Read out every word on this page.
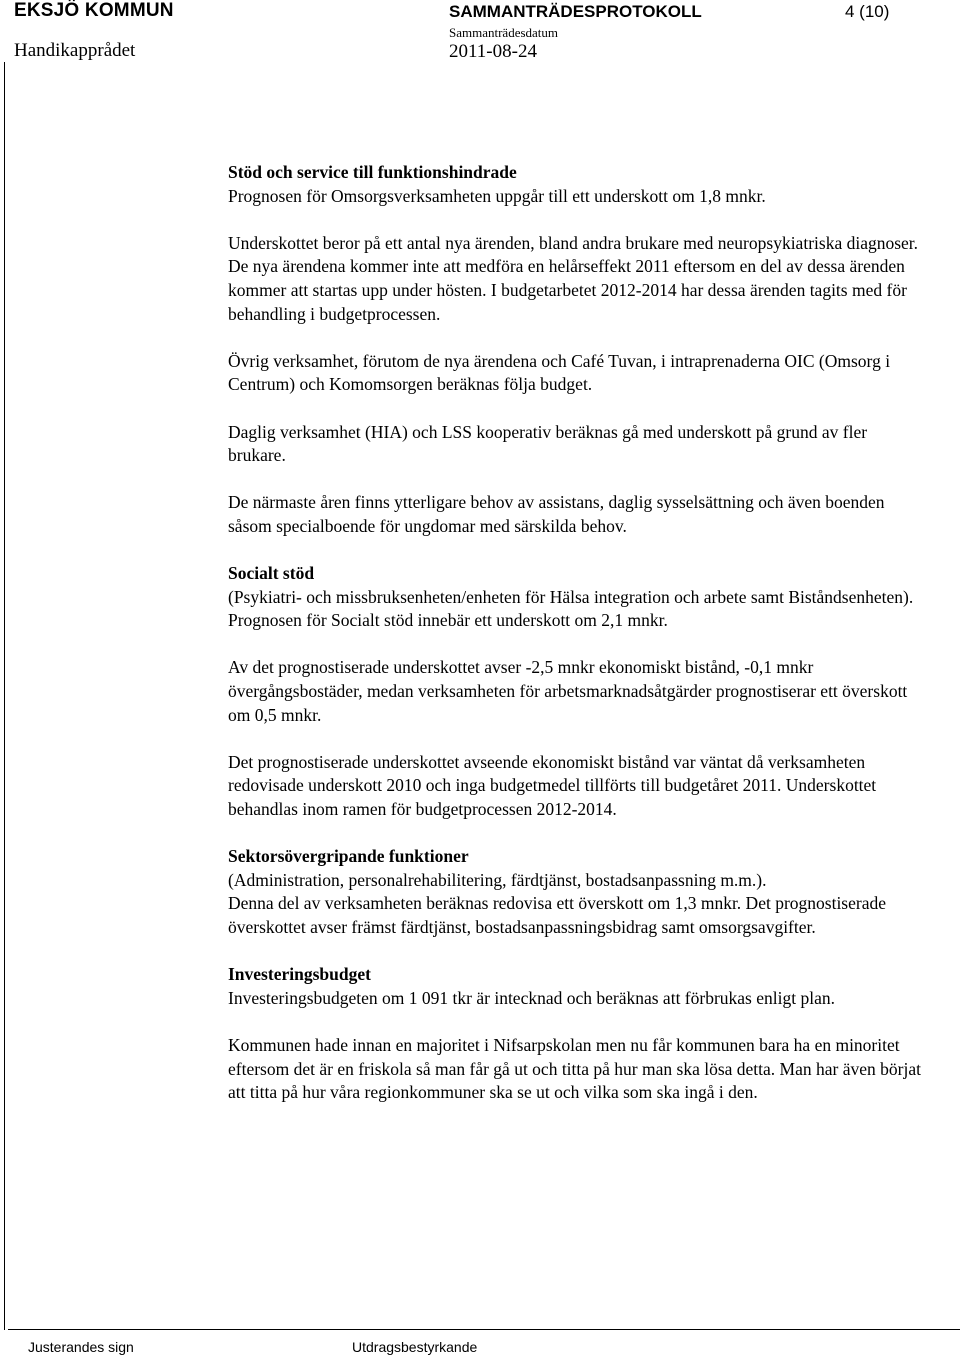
EKSJÖ KOMMUN	SAMMANTRÄDESPROTOKOLL	4 (10)
Handikapprådet
Sammanträdesdatum
2011-08-24
Stöd och service till funktionshindrade

Prognosen för Omsorgsverksamheten uppgår till ett underskott om 1,8 mnkr.

Underskottet beror på ett antal nya ärenden, bland andra brukare med neuropsykiatriska diagnoser. De nya ärendena kommer inte att medföra en helårseffekt 2011 eftersom en del av dessa ärenden kommer att startas upp under hösten. I budgetarbetet 2012-2014 har dessa ärenden tagits med för behandling i budgetprocessen.

Övrig verksamhet, förutom de nya ärendena och Café Tuvan, i intraprenaderna OIC (Omsorg i Centrum) och Komomsorgen beräknas följa budget.

Daglig verksamhet (HIA) och LSS kooperativ beräknas gå med underskott på grund av fler brukare.

De närmaste åren finns ytterligare behov av assistans, daglig sysselsättning och även boenden såsom specialboende för ungdomar med särskilda behov.

Socialt stöd

(Psykiatri- och missbruksenheten/enheten för Hälsa integration och arbete samt Biståndsenheten). Prognosen för Socialt stöd innebär ett underskott om 2,1 mnkr.

Av det prognostiserade underskottet avser -2,5 mnkr ekonomiskt bistånd, -0,1 mnkr övergångsbostäder, medan verksamheten för arbetsmarknadsåtgärder prognostiserar ett överskott om 0,5 mnkr.

Det prognostiserade underskottet avseende ekonomiskt bistånd var väntat då verksamheten redovisade underskott 2010 och inga budgetmedel tillförts till budgetåret 2011. Underskottet behandlas inom ramen för budgetprocessen 2012-2014.

Sektorsövergripande funktioner

(Administration, personalrehabilitering, färdtjänst, bostadsanpassning m.m.).

Denna del av verksamheten beräknas redovisa ett överskott om 1,3 mnkr. Det prognostiserade överskottet avser främst färdtjänst, bostadsanpassningsbidrag samt omsorgsavgifter.

Investeringsbudget

Investeringsbudgeten om 1 091 tkr är intecknad och beräknas att förbrukas enligt plan.

Kommunen hade innan en majoritet i Nifsarpskolan men nu får kommunen bara ha en minoritet eftersom det är en friskola så man får gå ut och titta på hur man ska lösa detta. Man har även börjat att titta på hur våra regionkommuner ska se ut och vilka som ska ingå i den.

Justerandes sign	Utdragsbestyrkande
